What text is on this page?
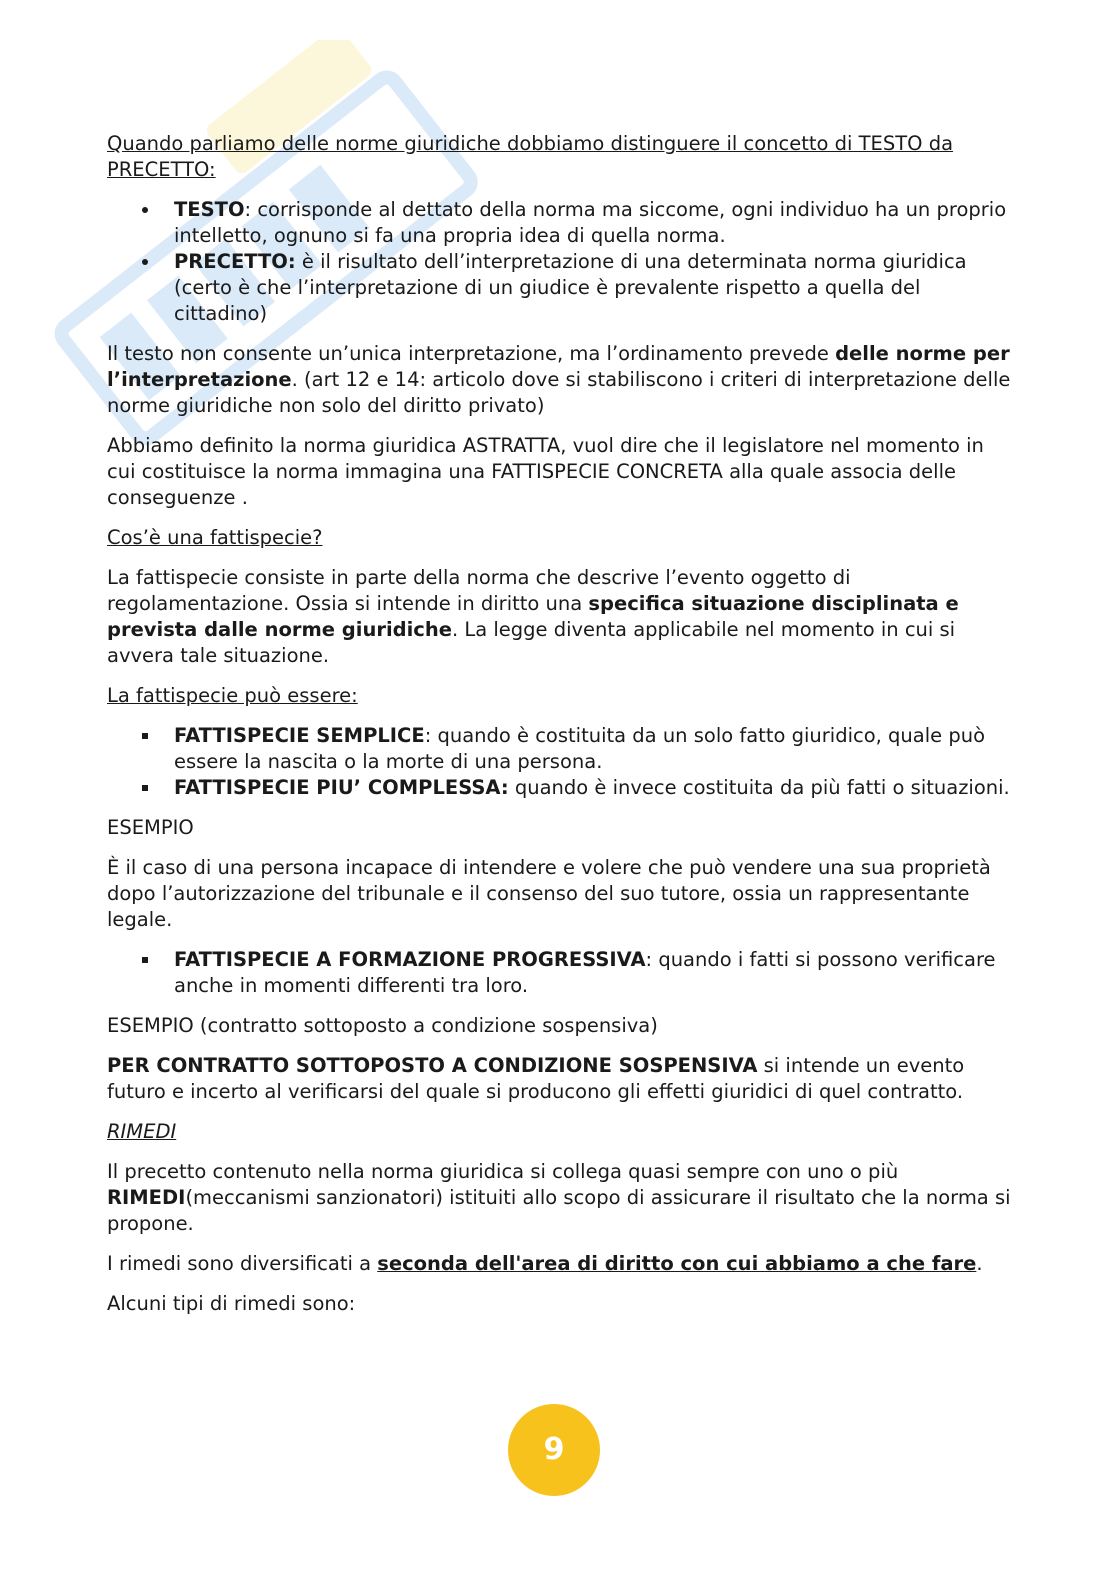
Quando parliamo delle norme giuridiche dobbiamo distinguere il concetto di TESTO da PRECETTO:

TESTO: corrisponde al dettato della norma ma siccome, ogni individuo ha un proprio intelletto, ognuno si fa una propria idea di quella norma.
PRECETTO: è il risultato dell’interpretazione di una determinata norma giuridica (certo è che l’interpretazione di un giudice è prevalente rispetto a quella del cittadino)

Il testo non consente un’unica interpretazione, ma l’ordinamento prevede delle norme per l’interpretazione. (art 12 e 14: articolo dove si stabiliscono i criteri di interpretazione delle norme giuridiche non solo del diritto privato)

Abbiamo definito la norma giuridica ASTRATTA, vuol dire che il legislatore nel momento in cui costituisce la norma immagina una FATTISPECIE CONCRETA alla quale associa delle conseguenze .

Cos’è una fattispecie?

La fattispecie consiste in parte della norma che descrive l’evento oggetto di regolamentazione. Ossia si intende in diritto una specifica situazione disciplinata e prevista dalle norme giuridiche. La legge diventa applicabile nel momento in cui si avvera tale situazione.

La fattispecie può essere:

FATTISPECIE SEMPLICE: quando è costituita da un solo fatto giuridico, quale può essere la nascita o la morte di una persona.
FATTISPECIE PIU’ COMPLESSA: quando è invece costituita da più fatti o situazioni.

ESEMPIO

È il caso di una persona incapace di intendere e volere che può vendere una sua proprietà dopo l’autorizzazione del tribunale e il consenso del suo tutore, ossia un rappresentante legale.

FATTISPECIE A FORMAZIONE PROGRESSIVA: quando i fatti si possono verificare anche in momenti differenti tra loro.

ESEMPIO (contratto sottoposto a condizione sospensiva)

PER CONTRATTO SOTTOPOSTO A CONDIZIONE SOSPENSIVA si intende un evento futuro e incerto al verificarsi del quale si producono gli effetti giuridici di quel contratto.

RIMEDI

Il precetto contenuto nella norma giuridica si collega quasi sempre con uno o più RIMEDI(meccanismi sanzionatori) istituiti allo scopo di assicurare il risultato che la norma si propone.

I rimedi sono diversificati a seconda dell'area di diritto con cui abbiamo a che fare.

Alcuni tipi di rimedi sono:

9
